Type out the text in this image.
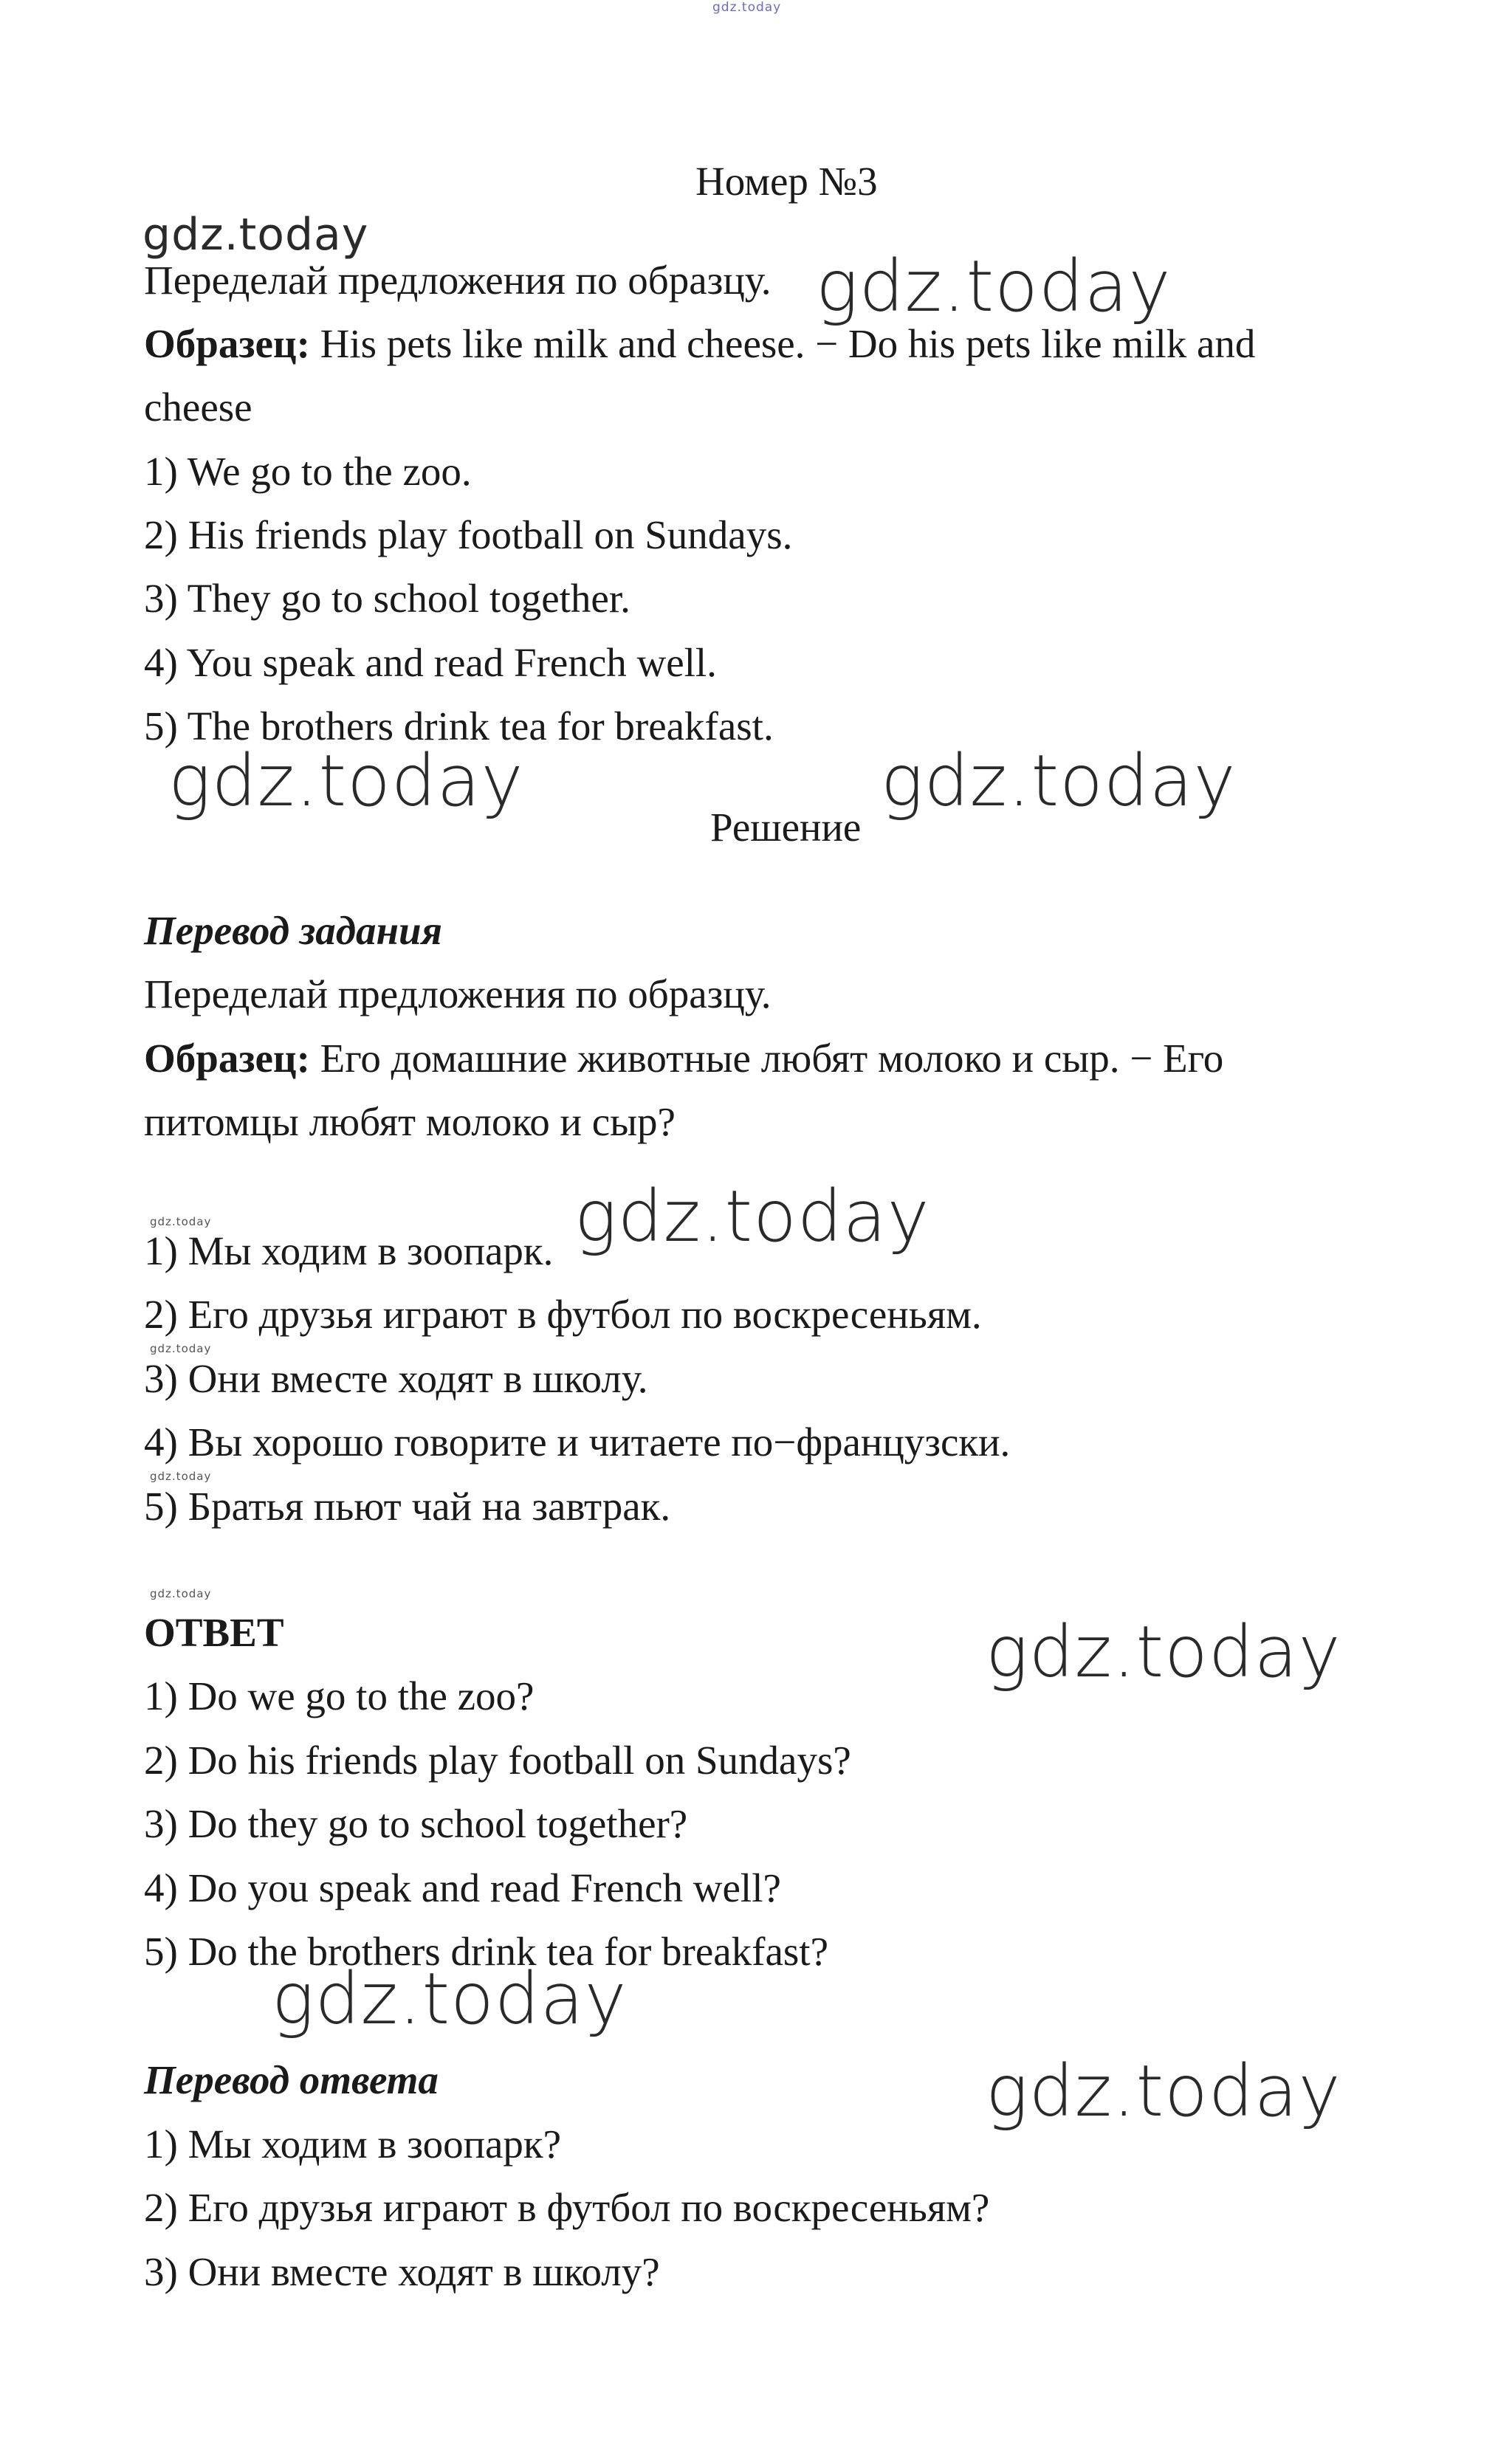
gdz.today
Номер №3
gdz.today
Переделай предложения по образцу. gdz.today
Образец: His pets like milk and cheese. − Do his pets like milk and
cheese
1) We go to the zoo.
2) His friends play football on Sundays.
3) They go to school together.
4) You speak and read French well.
5) The brothers drink tea for breakfast.
gdz.today	gdz.today
Решение
Перевод задания
Переделай предложения по образцу.
Образец: Его домашние животные любят молоко и сыр. − Его
питомцы любят молоко и сыр?
gdz.today
1) Мы ходим в зоопарк. gdz.today
2) Его друзья играют в футбол по воскресеньям.
gdz.today
3) Они вместе ходят в школу.
4) Вы хорошо говорите и читаете по−французски.
gdz.today
5) Братья пьют чай на завтрак.
gdz.today
ОТВЕТ	gdz.today
1) Do we go to the zoo?
2) Do his friends play football on Sundays?
3) Do they go to school together?
4) Do you speak and read French well?
5) Do the brothers drink tea for breakfast?
gdz.today
Перевод ответа	gdz.today
1) Мы ходим в зоопарк?
2) Его друзья играют в футбол по воскресеньям?
3) Они вместе ходят в школу?
